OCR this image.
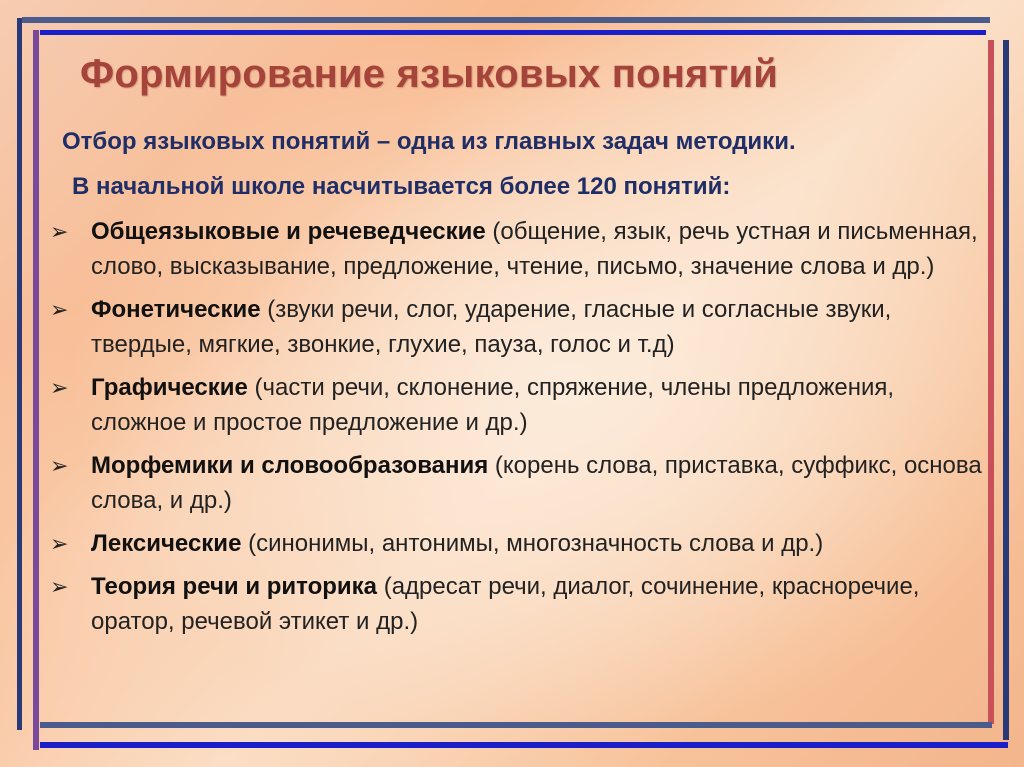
Формирование языковых понятий
Отбор языковых понятий – одна из главных задач методики.
В начальной школе насчитывается более 120 понятий:
➢ Общеязыковые и речеведческие (общение, язык, речь устная и письменная, слово, высказывание, предложение, чтение, письмо, значение слова и др.)
➢ Фонетические (звуки речи, слог, ударение, гласные и согласные звуки, твердые, мягкие, звонкие, глухие, пауза, голос и т.д)
➢ Графические (части речи, склонение, спряжение, члены предложения, сложное и простое предложение и др.)
➢ Морфемики и словообразования (корень слова, приставка, суффикс, основа слова, и др.)
➢ Лексические (синонимы, антонимы, многозначность слова и др.)
➢ Теория речи и риторика (адресат речи, диалог, сочинение, красноречие, оратор, речевой этикет и др.)
